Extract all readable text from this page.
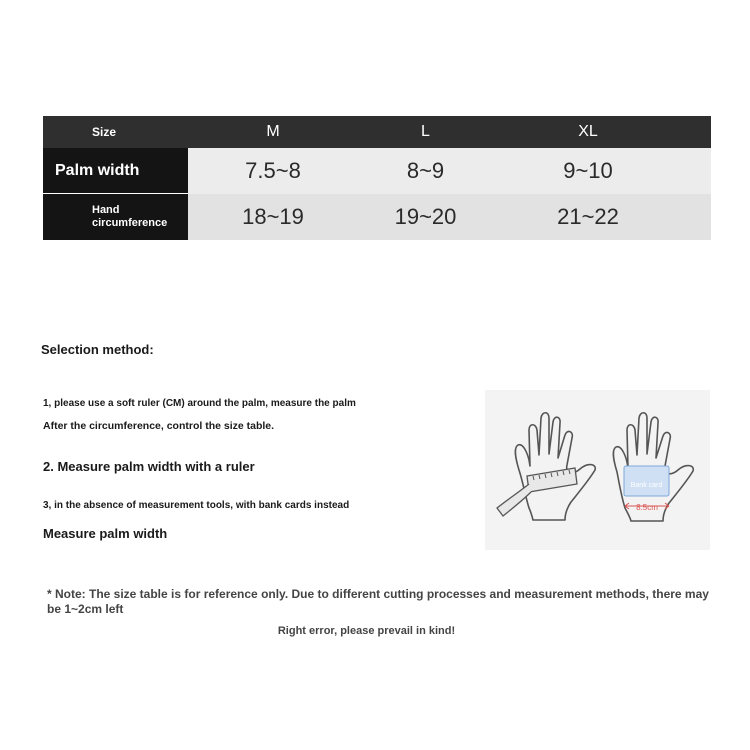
Size	M	L	XL
Palm width	7.5~8	8~9	9~10
Hand
circumference	18~19	19~20	21~22
Selection method:
1, please use a soft ruler (CM) around the palm, measure the palm
After the circumference, control the size table.
2. Measure palm width with a ruler
3, in the absence of measurement tools, with bank cards instead
Measure palm width
Bank card
8.5cm
* Note: The size table is for reference only. Due to different cutting processes and measurement methods, there may be 1~2cm left
Right error, please prevail in kind!
